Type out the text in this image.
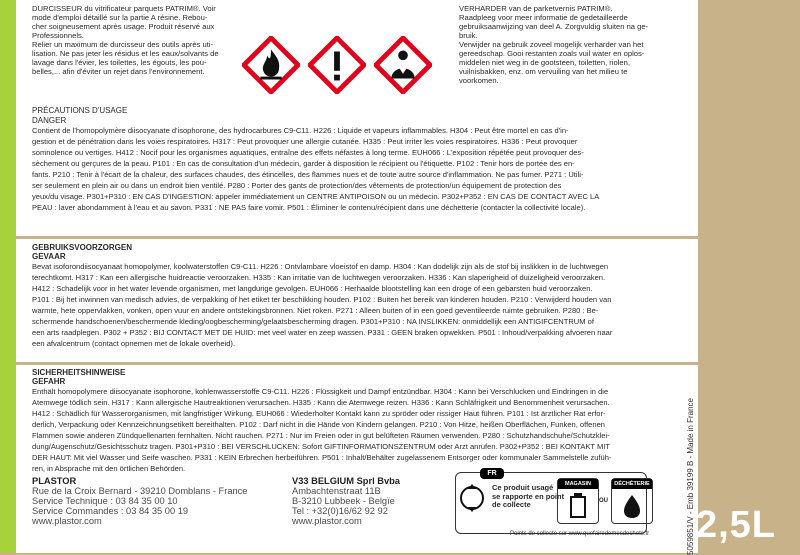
DURCISSEUR du vitrificateur parquets PATRIM®. Voir
mode d'emploi détaillé sur la partie A résine. Rebou-
cher soigneusement après usage. Produit réservé aux
Professionnels.
Relier un maximum de durcisseur des outils après uti-
lisation. Ne pas jeter les résidus et les eaux/solvants de
lavage dans l'évier, les toilettes, les égouts, les pou-
belles,... afin d'éviter un rejet dans l'environnement.
VERHARDER van de parketvernis PATRIM®.
Raadpleeg voor meer informatie de gedetailleerde
gebruiksaanwijzing van deel A. Zorgvuldig sluiten na ge-
bruik.
Verwijder na gebruik zoveel mogelijk verharder van het
gereedschap. Gooi restanten zoals vuil water en oplos-
middelen niet weg in de gootsteen, toiletten, riolen,
vuilnisbakken, enz. om vervuiling van het milieu te
voorkomen.
PRÉCAUTIONS D'USAGE
DANGER
Contient de l'homopolymère diisocyanate d'isophorone, des hydrocarbures C9-C11. H226 : Liquide et vapeurs inflammables. H304 : Peut être mortel en cas d'in-
gestion et de pénétration dans les voies respiratoires. H317 : Peut provoquer une allergie cutanée. H335 : Peut irriter les voies respiratoires. H336 : Peut provoquer
somnolence ou vertiges. H412 : Nocif pour les organismes aquatiques, entraîne des effets néfastes à long terme. EUH066 : L'exposition répétée peut provoquer des-
sèchement ou gerçures de la peau. P101 : En cas de consultation d'un médecin, garder à disposition le récipient ou l'étiquette. P102 : Tenir hors de portée des en-
fants. P210 : Tenir à l'écart de la chaleur, des surfaces chaudes, des étincelles, des flammes nues et de toute autre source d'inflammation. Ne pas fumer. P271 : Utili-
ser seulement en plein air ou dans un endroit bien ventilé. P280 : Porter des gants de protection/des vêtements de protection/un équipement de protection des
yeux/du visage. P301+P310 : EN CAS D'INGESTION: appeler immédiatement un CENTRE ANTIPOISON ou un médecin. P302+P352 : EN CAS DE CONTACT AVEC LA
PEAU : laver abondamment à l'eau et au savon. P331 : NE PAS faire vomir. P501 : Éliminer le contenu/récipient dans une déchetterie (contacter la collectivité locale).
GEBRUIKSVOORZORGEN
GEVAAR
Bevat isoforondiisocyanaat homopolymer, koolwaterstoffen C9-C11. H226 : Ontvlambare vloeistof en damp. H304 : Kan dodelijk zijn als de stof bij inslikken in de luchtwegen
terechtkomt. H317 : Kan een allergische huidreactie veroorzaken. H335 : Kan irritatie van de luchtwegen veroorzaken. H336 : Kan slaperigheid of duizeligheid veroorzaken.
H412 : Schadelijk voor in het water levende organismen, met langdurige gevolgen. EUH066 : Herhaalde blootstelling kan een droge of een gebarsten huid veroorzaken.
P101 : Bij het inwinnen van medisch advies, de verpakking of het etiket ter beschikking houden. P102 : Buiten het bereik van kinderen houden. P210 : Verwijderd houden van
warmte, hete oppervlakken, vonken, open vuur en andere ontstekingsbronnen. Niet roken. P271 : Alleen buiten of in een goed geventileerde ruimte gebruiken. P280 : Be-
schermende handschoenen/beschermende kleding/oogbescherming/gelaatsbescherming dragen. P301+P310 : NA INSLIKKEN: onmiddellijk een ANTIGIFCENTRUM of
een arts raadplegen. P302 + P352 : BIJ CONTACT MET DE HUID: met veel water en zeep wassen. P331 : GEEN braken opwekken. P501 : Inhoud/verpakking afvoeren naar
een afvalcentrum (contact opnemen met de lokale overheid).
SICHERHEITSHINWEISE
GEFAHR
Enthält homopolymere diisocyanate isophorone, kohlenwasserstoffe C9-C11. H226 : Flüssigkeit und Dampf entzündbar. H304 : Kann bei Verschlucken und Eindringen in die
Atemwege tödlich sein. H317 : Kann allergische Hautreaktionen verursachen. H335 : Kann die Atemwege reizen. H336 : Kann Schläfrigkeit und Benommenheit verursachen.
H412 : Schädlich für Wasserorganismen, mit langfristiger Wirkung. EUH066 : Wiederholter Kontakt kann zu spröder oder rissiger Haut führen. P101 : Ist ärztlicher Rat erfor-
derlich, Verpackung oder Kennzeichnungsetikett bereithalten. P102 : Darf nicht in die Hände von Kindern gelangen. P210 : Von Hitze, heißen Oberflächen, Funken, offenen
Flammen sowie anderen Zündquellenarten fernhalten. Nicht rauchen. P271 : Nur im Freien oder in gut belüfteten Räumen verwenden. P280 : Schutzhandschuhe/Schutzklei-
dung/Augenschutz/Gesichtsschutz tragen. P301+P310 : BEI VERSCHLUCKEN: Sofort GIFTINFORMATIONSZENTRUM oder Arzt anrufen. P302+P352 : BEI KONTAKT MIT
DER HAUT: Mit viel Wasser und Seife waschen. P331 : KEIN Erbrechen herbeiführen. P501 : Inhalt/Behälter zugelassenem Entsorger oder kommunaler Sammelstelle zufüh-
ren, in Absprache mit den örtlichen Behörden.
PLASTOR
Rue de la Croix Bernard - 39210 Domblans - France
Service Technique : 03 84 35 00 10
Service Commandes : 03 84 35 00 19
www.plastor.com
V33 BELGIUM Sprl Bvba
Ambachtenstraat 11B
B-3210 Lubbeek - Belgïe
Tel : +32(0)16/62 92 92
www.plastor.com
FR
Ce produit usagé
se rapporte en point
de collecte
MAGASIN
OU
DÉCHÈTERIE
Points de collecte sur www.quefairedemesdechets.fr	5059851/V - Emb 39199 B - Made in France 2,5L
